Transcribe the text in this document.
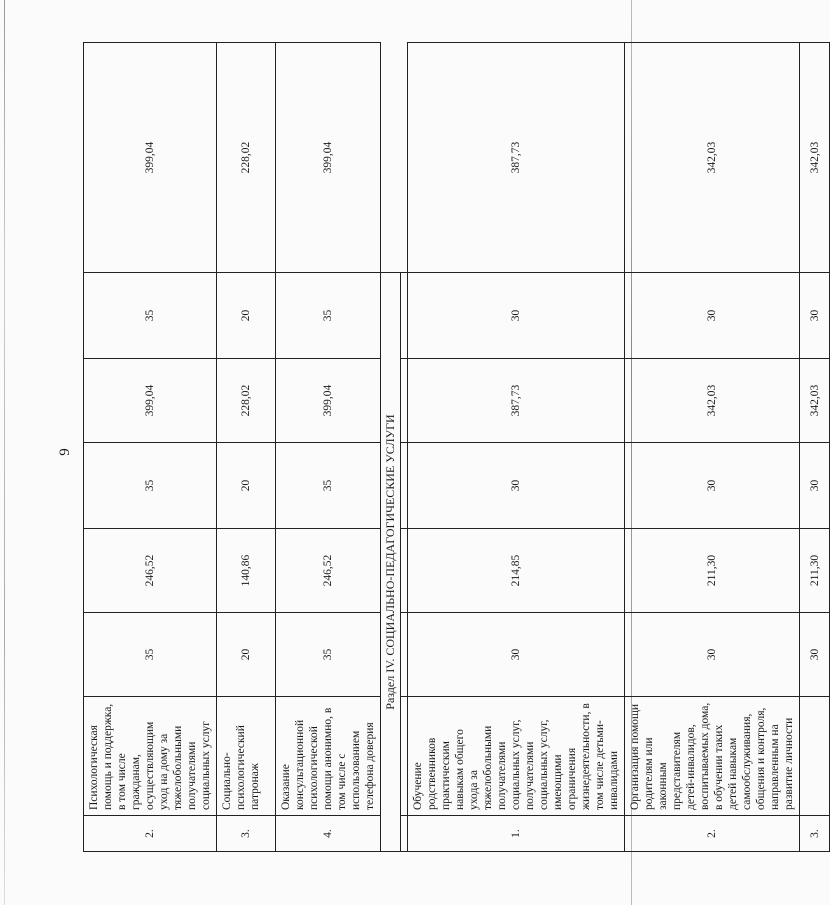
9
2.	Психологическая помощь и поддержка, в том числе гражданам, осуществляющим уход на дому за тяжелобольными получателями социальных услуг	35	246,52	35	399,04	35	399,04
3.	Социально-психологический патронаж	20	140,86	20	228,02	20	228,02
4.	Оказание консультационной психологической помощи анонимно, в том числе с использованием телефона доверия	35	246,52	35	399,04	35	399,04
Раздел IV. СОЦИАЛЬНО-ПЕДАГОГИЧЕСКИЕ УСЛУГИ							

1.	Обучение родственников практическим навыкам общего ухода за тяжелобольными получателями социальных услуг, получателями социальных услуг, имеющими ограничения жизнедеятельности, в том числе детьми-инвалидами	30	214,85	30	387,73	30	387,73
2.	Организация помощи родителям или законным представителям детей-инвалидов, воспитываемых дома, в обучении таких детей навыкам самообслуживания, общения и контроля, направленным на развитие личности	30	211,30	30	342,03	30	342,03
3.		30	211,30	30	342,03	30	342,03
